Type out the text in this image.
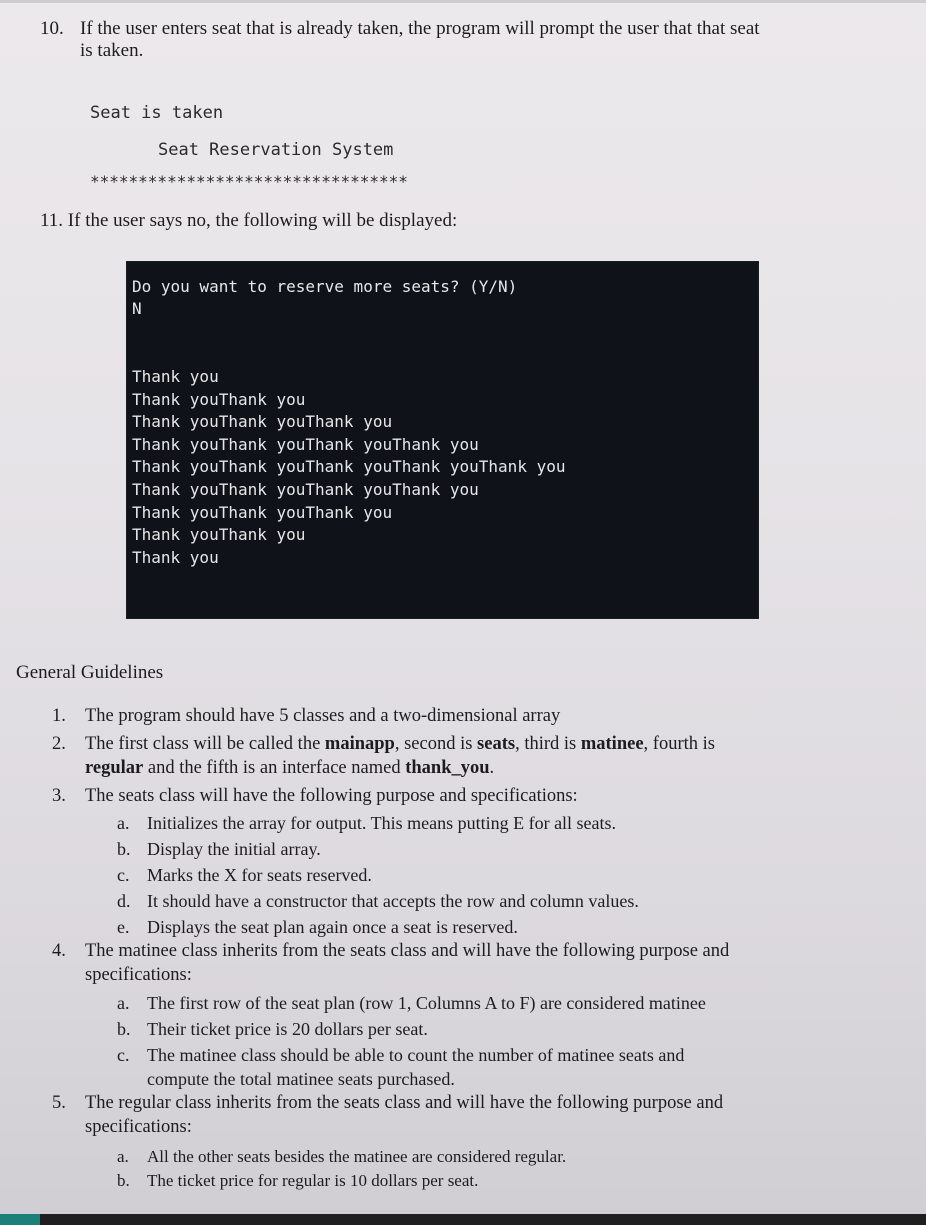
10. If the user enters seat that is already taken, the program will prompt the user that that seat
is taken.
Seat is taken
Seat Reservation System
*********************************
11. If the user says no, the following will be displayed:
Do you want to reserve more seats? (Y/N)
N
Thank you
Thank youThank you
Thank youThank youThank you
Thank youThank youThank youThank you
Thank youThank youThank youThank youThank you
Thank youThank youThank youThank you
Thank youThank youThank you
Thank youThank you
Thank you
General Guidelines
1. The program should have 5 classes and a two-dimensional array
2. The first class will be called the mainapp, second is seats, third is matinee, fourth is
regular and the fifth is an interface named thank_you.
3. The seats class will have the following purpose and specifications:
a. Initializes the array for output. This means putting E for all seats.
b. Display the initial array.
c. Marks the X for seats reserved.
d. It should have a constructor that accepts the row and column values.
e. Displays the seat plan again once a seat is reserved.
4. The matinee class inherits from the seats class and will have the following purpose and
specifications:
a. The first row of the seat plan (row 1, Columns A to F) are considered matinee
b. Their ticket price is 20 dollars per seat.
c. The matinee class should be able to count the number of matinee seats and
compute the total matinee seats purchased.
5. The regular class inherits from the seats class and will have the following purpose and
specifications:
a. All the other seats besides the matinee are considered regular.
b. The ticket price for regular is 10 dollars per seat.
